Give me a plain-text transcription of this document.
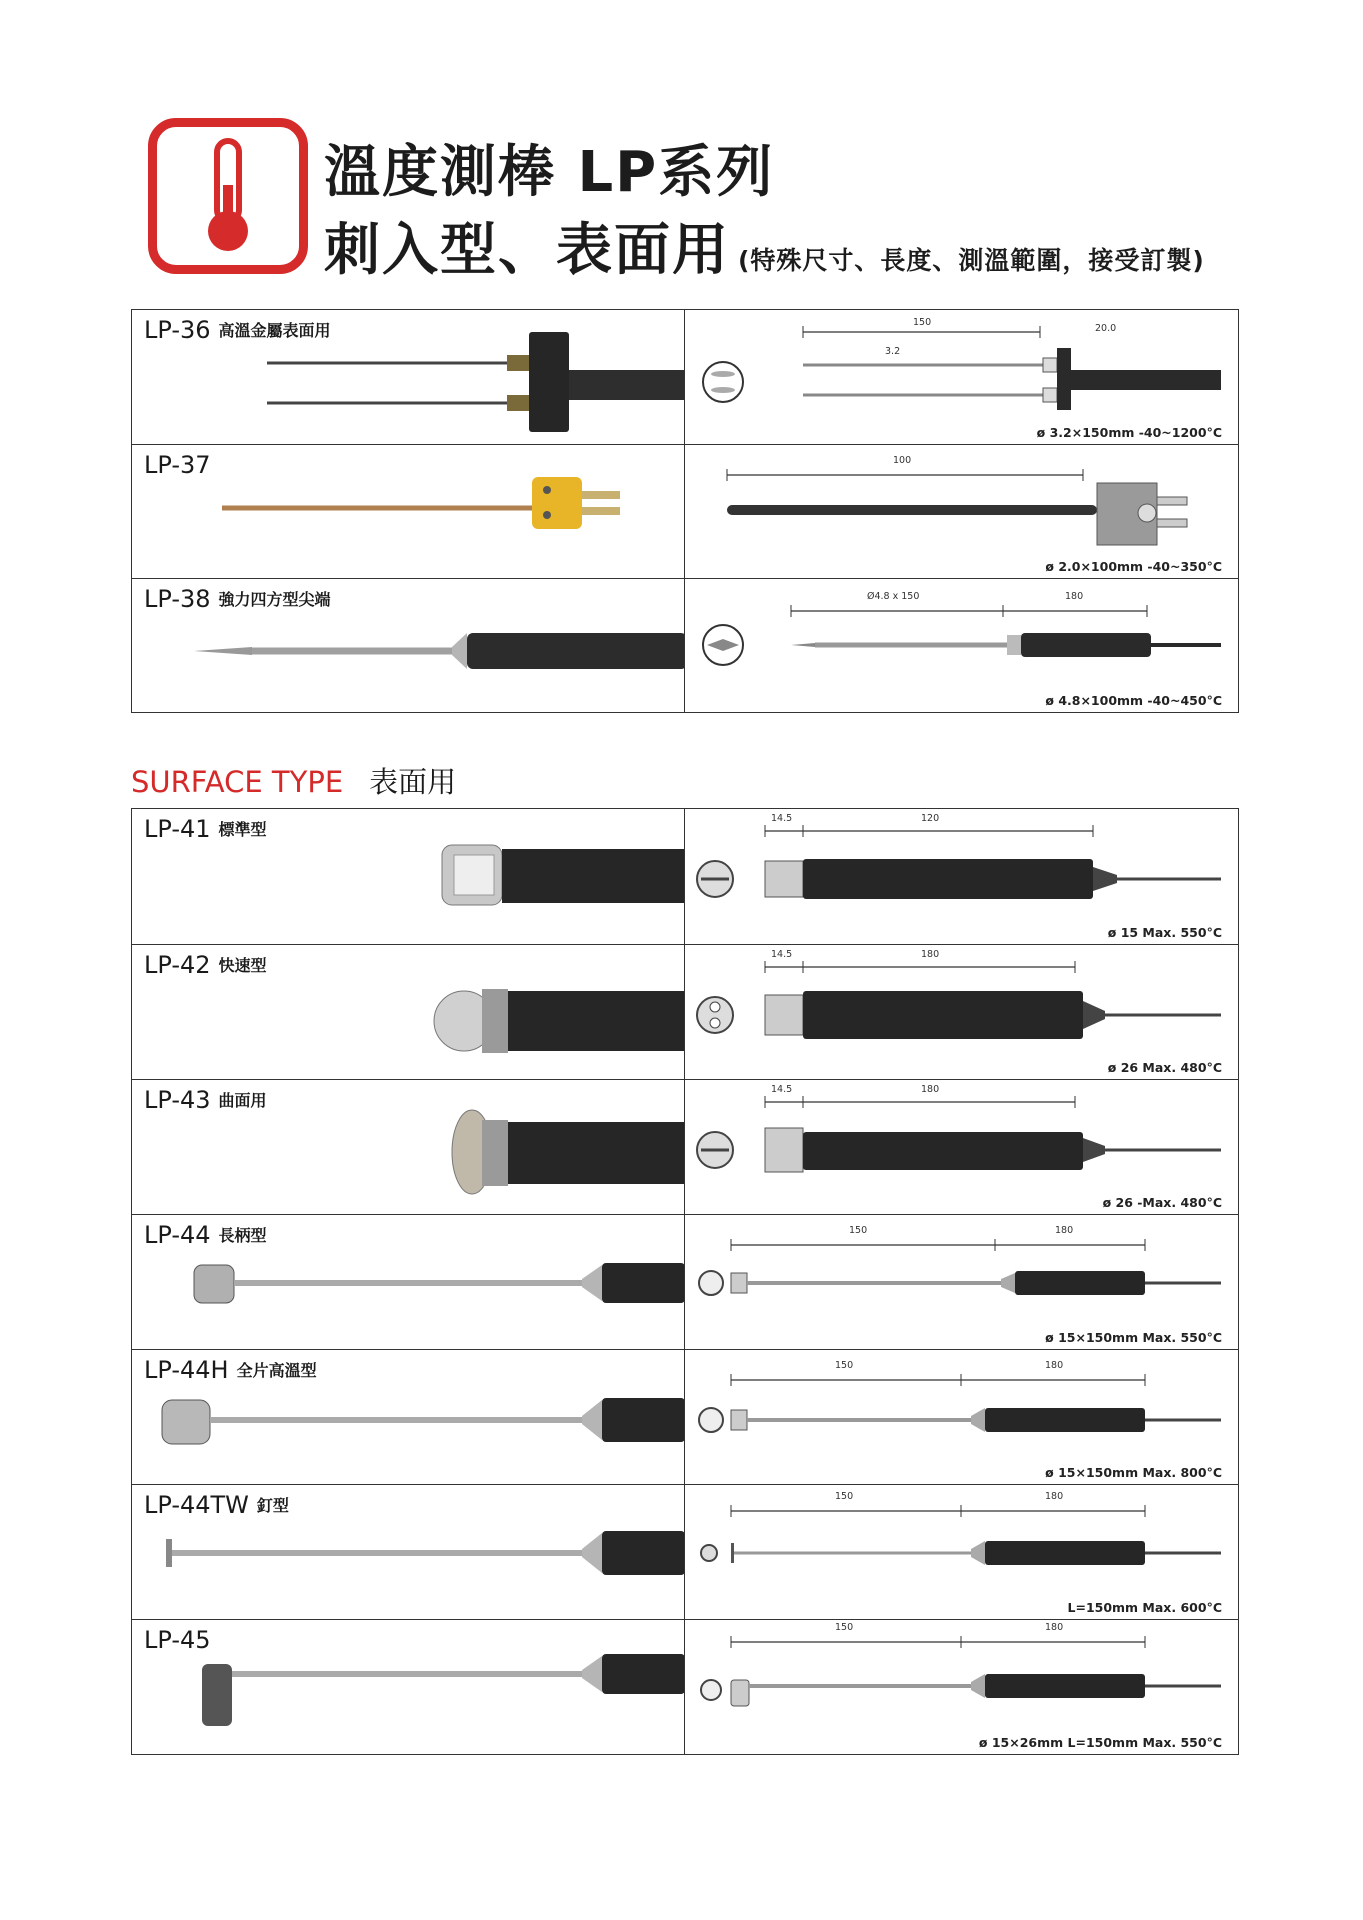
溫度測棒 LP系列
刺入型、表面用 (特殊尺寸、長度、測溫範圍，接受訂製)
LP-36 高溫金屬表面用	150
3.2
20.0
ø 3.2×150mm -40~1200°C
LP-37	100
ø 2.0×100mm -40~350°C
LP-38 強力四方型尖端	Ø4.8 x 150	180
ø 4.8×100mm -40~450°C
SURFACE TYPE 表面用
LP-41 標準型
14.5	120
ø 15 Max. 550°C
LP-42 快速型
14.5	180
ø 26 Max. 480°C
LP-43 曲面用
14.5	180
ø 26 -Max. 480°C
LP-44 長柄型	150	180
ø 15×150mm Max. 550°C
LP-44H 全片高溫型	150	180
ø 15×150mm Max. 800°C
LP-44TW 釘型	150	180
L=150mm Max. 600°C
LP-45	150	180
ø 15×26mm L=150mm Max. 550°C
